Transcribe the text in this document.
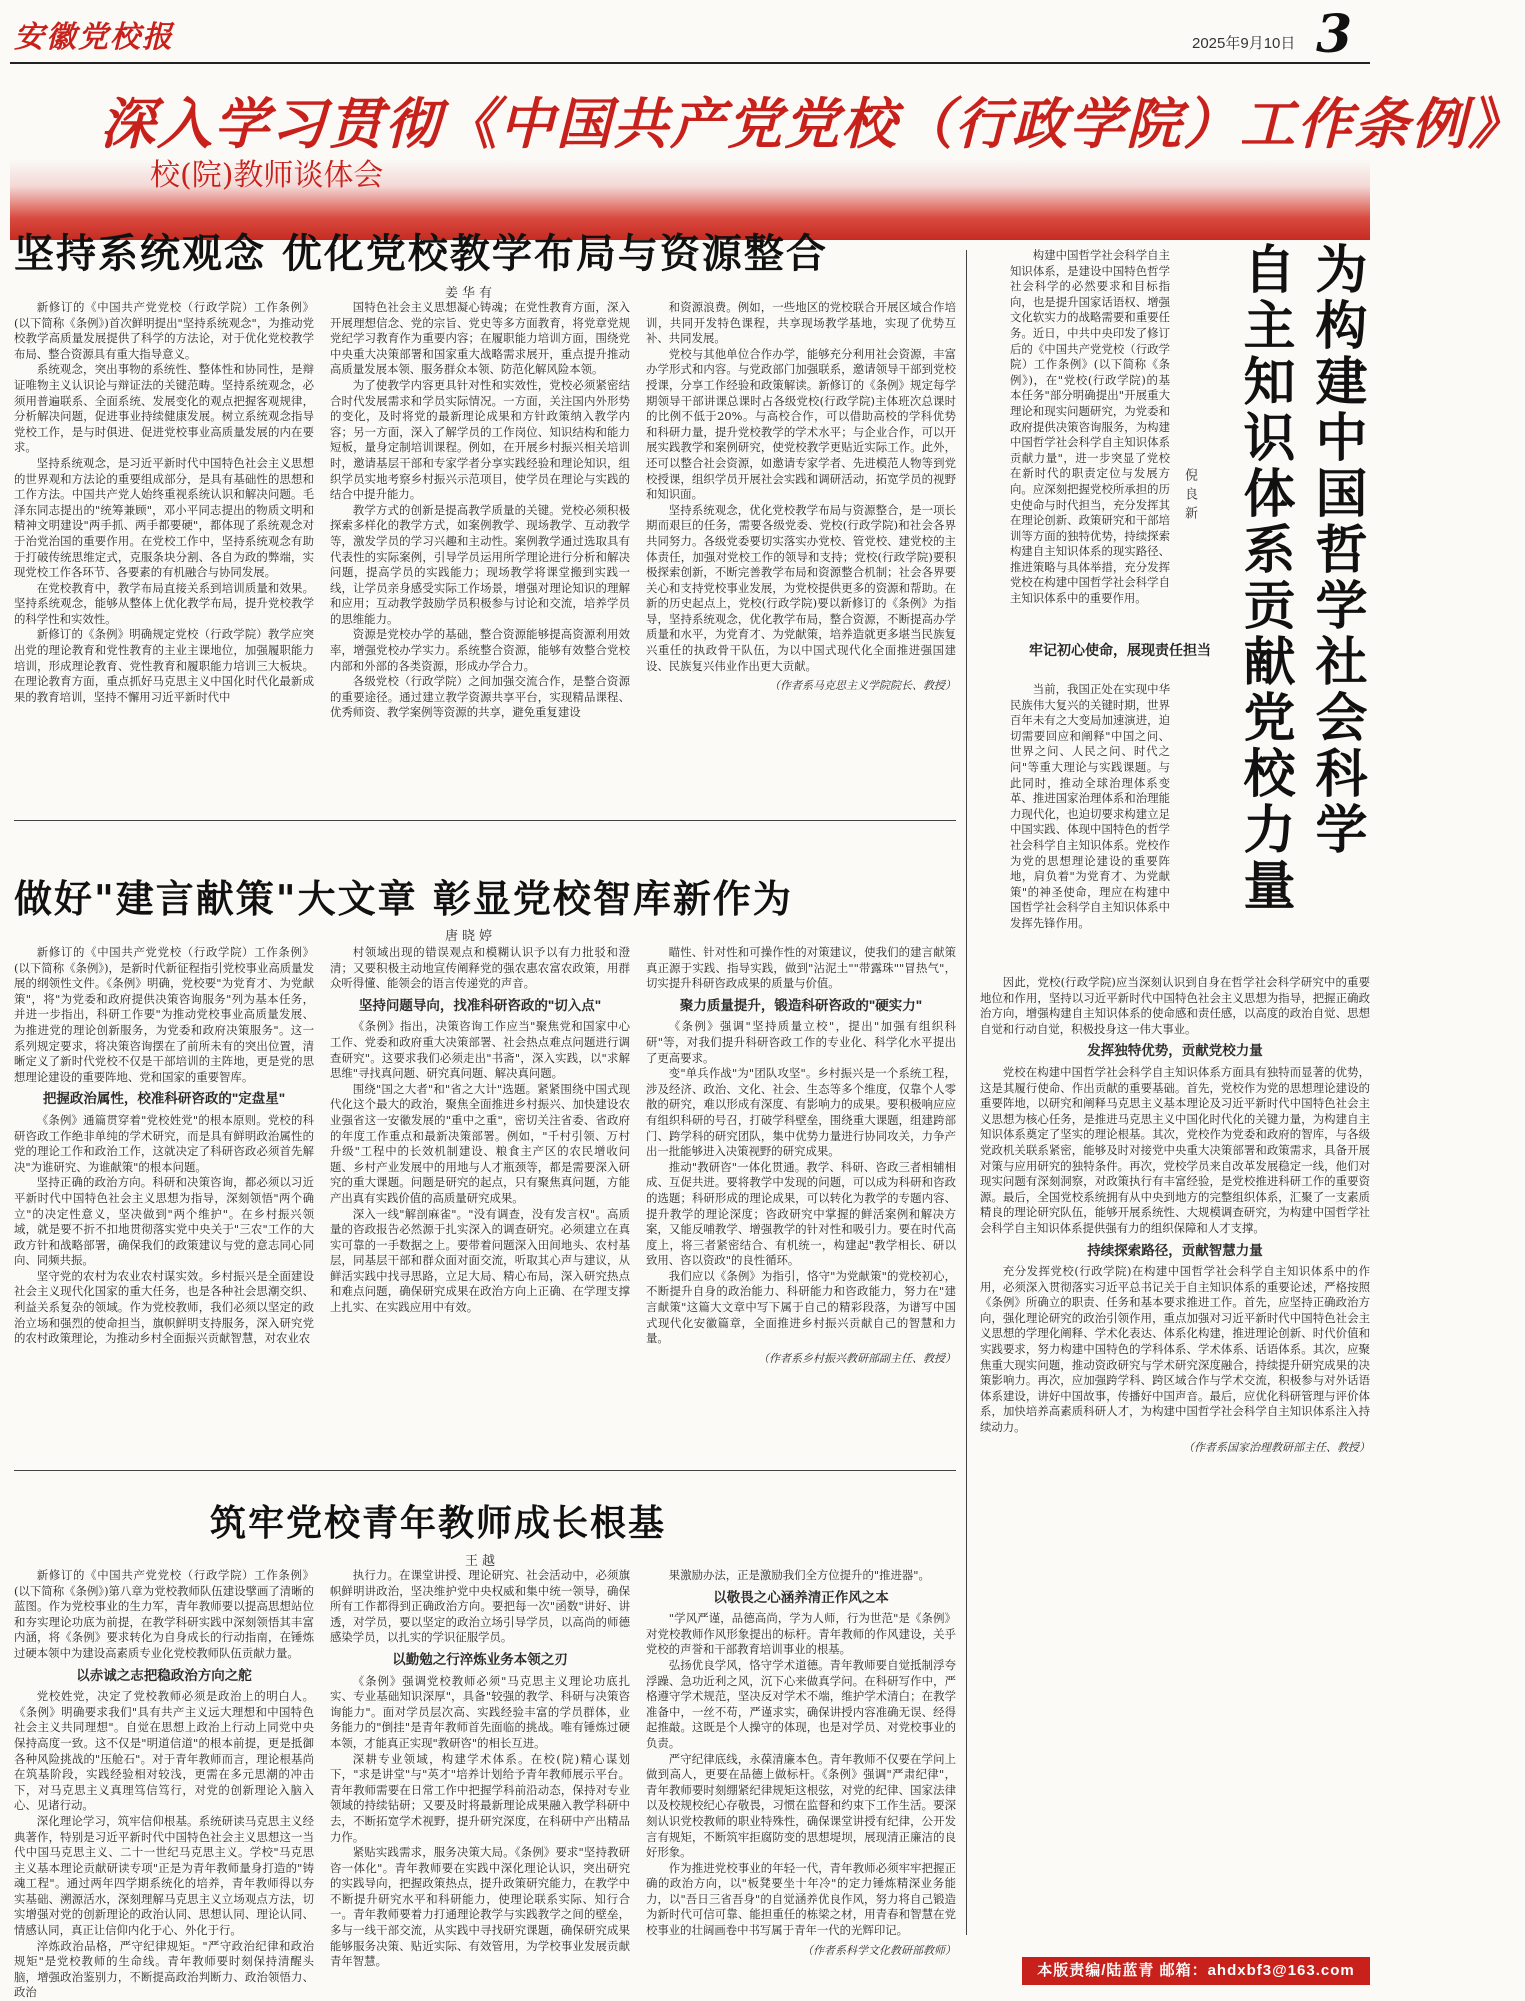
安徽党校报	2025年9月10日 3
深入学习贯彻《中国共产党党校（行政学院）工作条例》
校(院)教师谈体会
坚持系统观念 优化党校教学布局与资源整合
姜华有

新修订的《中国共产党党校（行政学院）工作条例》(以下简称《条例》)首次鲜明提出"坚持系统观念"，为推动党校教学高质量发展提供了科学的方法论，对于优化党校教学布局、整合资源具有重大指导意义。

系统观念，突出事物的系统性、整体性和协同性，是辩证唯物主义认识论与辩证法的关键范畴。坚持系统观念，必须用普遍联系、全面系统、发展变化的观点把握客观规律，分析解决问题，促进事业持续健康发展。树立系统观念指导党校工作，是与时俱进、促进党校事业高质量发展的内在要求。

坚持系统观念，是习近平新时代中国特色社会主义思想的世界观和方法论的重要组成部分，是具有基础性的思想和工作方法。中国共产党人始终重视系统认识和解决问题。毛泽东同志提出的"统筹兼顾"，邓小平同志提出的物质文明和精神文明建设"两手抓、两手都要硬"，都体现了系统观念对于治党治国的重要作用。在党校工作中，坚持系统观念有助于打破传统思维定式，克服条块分割、各自为政的弊端，实现党校工作各环节、各要素的有机融合与协同发展。

在党校教育中，教学布局直接关系到培训质量和效果。坚持系统观念，能够从整体上优化教学布局，提升党校教学的科学性和实效性。

新修订的《条例》明确规定党校（行政学院）教学应突出党的理论教育和党性教育的主业主课地位，加强履职能力培训，形成理论教育、党性教育和履职能力培训三大板块。在理论教育方面，重点抓好马克思主义中国化时代化最新成果的教育培训，坚持不懈用习近平新时代中

国特色社会主义思想凝心铸魂；在党性教育方面，深入开展理想信念、党的宗旨、党史等多方面教育，将党章党规党纪学习教育作为重要内容；在履职能力培训方面，围绕党中央重大决策部署和国家重大战略需求展开，重点提升推动高质量发展本领、服务群众本领、防范化解风险本领。

为了使教学内容更具针对性和实效性，党校必须紧密结合时代发展需求和学员实际情况。一方面，关注国内外形势的变化，及时将党的最新理论成果和方针政策纳入教学内容；另一方面，深入了解学员的工作岗位、知识结构和能力短板，量身定制培训课程。例如，在开展乡村振兴相关培训时，邀请基层干部和专家学者分享实践经验和理论知识，组织学员实地考察乡村振兴示范项目，使学员在理论与实践的结合中提升能力。

教学方式的创新是提高教学质量的关键。党校必须积极探索多样化的教学方式，如案例教学、现场教学、互动教学等，激发学员的学习兴趣和主动性。案例教学通过选取具有代表性的实际案例，引导学员运用所学理论进行分析和解决问题，提高学员的实践能力；现场教学将课堂搬到实践一线，让学员亲身感受实际工作场景，增强对理论知识的理解和应用；互动教学鼓励学员积极参与讨论和交流，培养学员的思维能力。

资源是党校办学的基础，整合资源能够提高资源利用效率，增强党校办学实力。系统整合资源，能够有效整合党校内部和外部的各类资源，形成办学合力。

各级党校（行政学院）之间加强交流合作，是整合资源的重要途径。通过建立教学资源共享平台，实现精品课程、优秀师资、教学案例等资源的共享，避免重复建设

和资源浪费。例如，一些地区的党校联合开展区域合作培训，共同开发特色课程，共享现场教学基地，实现了优势互补、共同发展。

党校与其他单位合作办学，能够充分利用社会资源，丰富办学形式和内容。与党政部门加强联系，邀请领导干部到党校授课，分享工作经验和政策解读。新修订的《条例》规定每学期领导干部讲课总课时占各级党校(行政学院)主体班次总课时的比例不低于20%。与高校合作，可以借助高校的学科优势和科研力量，提升党校教学的学术水平；与企业合作，可以开展实践教学和案例研究，使党校教学更贴近实际工作。此外，还可以整合社会资源，如邀请专家学者、先进模范人物等到党校授课，组织学员开展社会实践和调研活动，拓宽学员的视野和知识面。

坚持系统观念，优化党校教学布局与资源整合，是一项长期而艰巨的任务，需要各级党委、党校(行政学院)和社会各界共同努力。各级党委要切实落实办党校、管党校、建党校的主体责任，加强对党校工作的领导和支持；党校(行政学院)要积极探索创新，不断完善教学布局和资源整合机制；社会各界要关心和支持党校事业发展，为党校提供更多的资源和帮助。在新的历史起点上，党校(行政学院)要以新修订的《条例》为指导，坚持系统观念，优化教学布局，整合资源，不断提高办学质量和水平，为党育才、为党献策，培养造就更多堪当民族复兴重任的执政骨干队伍，为以中国式现代化全面推进强国建设、民族复兴伟业作出更大贡献。

（作者系马克思主义学院院长、教授）	为构建中国哲学社会科学
自主知识体系贡献党校力量
倪良新

构建中国哲学社会科学自主知识体系，是建设中国特色哲学社会科学的必然要求和目标指向，也是提升国家话语权、增强文化软实力的战略需要和重要任务。近日，中共中央印发了修订后的《中国共产党党校（行政学院）工作条例》(以下简称《条例》)，在"党校(行政学院)的基本任务"部分明确提出"开展重大理论和现实问题研究，为党委和政府提供决策咨询服务，为构建中国哲学社会科学自主知识体系贡献力量"，进一步突显了党校在新时代的职责定位与发展方向。应深刻把握党校所承担的历史使命与时代担当，充分发挥其在理论创新、政策研究和干部培训等方面的独特优势，持续探索构建自主知识体系的现实路径、推进策略与具体举措，充分发挥党校在构建中国哲学社会科学自主知识体系中的重要作用。

牢记初心使命，展现责任担当

当前，我国正处在实现中华民族伟大复兴的关键时期，世界百年未有之大变局加速演进，迫切需要回应和阐释"中国之问、世界之问、人民之问、时代之问"等重大理论与实践课题。与此同时，推动全球治理体系变革、推进国家治理体系和治理能力现代化，也迫切要求构建立足中国实践、体现中国特色的哲学社会科学自主知识体系。党校作为党的思想理论建设的重要阵地，肩负着"为党育才、为党献策"的神圣使命，理应在构建中国哲学社会科学自主知识体系中发挥先锋作用。

因此，党校(行政学院)应当深刻认识到自身在哲学社会科学研究中的重要地位和作用，坚持以习近平新时代中国特色社会主义思想为指导，把握正确政治方向，增强构建自主知识体系的使命感和责任感，以高度的政治自觉、思想自觉和行动自觉，积极投身这一伟大事业。

发挥独特优势，贡献党校力量

党校在构建中国哲学社会科学自主知识体系方面具有独特而显著的优势，这是其履行使命、作出贡献的重要基础。首先，党校作为党的思想理论建设的重要阵地，以研究和阐释马克思主义基本理论及习近平新时代中国特色社会主义思想为核心任务，是推进马克思主义中国化时代化的关键力量，为构建自主知识体系奠定了坚实的理论根基。其次，党校作为党委和政府的智库，与各级党政机关联系紧密，能够及时对接党中央重大决策部署和政策需求，具备开展对策与应用研究的独特条件。再次，党校学员来自改革发展稳定一线，他们对现实问题有深刻洞察，对政策执行有丰富经验，是党校推进科研工作的重要资源。最后，全国党校系统拥有从中央到地方的完整组织体系，汇聚了一支素质精良的理论研究队伍，能够开展系统性、大规模调查研究，为构建中国哲学社会科学自主知识体系提供强有力的组织保障和人才支撑。

持续探索路径，贡献智慧力量

充分发挥党校(行政学院)在构建中国哲学社会科学自主知识体系中的作用，必须深入贯彻落实习近平总书记关于自主知识体系的重要论述，严格按照《条例》所确立的职责、任务和基本要求推进工作。首先，应坚持正确政治方向，强化理论研究的政治引领作用，重点加强对习近平新时代中国特色社会主义思想的学理化阐释、学术化表达、体系化构建，推进理论创新、时代价值和实践要求，努力构建中国特色的学科体系、学术体系、话语体系。其次，应聚焦重大现实问题，推动资政研究与学术研究深度融合，持续提升研究成果的决策影响力。再次，应加强跨学科、跨区域合作与学术交流，积极参与对外话语体系建设，讲好中国故事，传播好中国声音。最后，应优化科研管理与评价体系，加快培养高素质科研人才，为构建中国哲学社会科学自主知识体系注入持续动力。

（作者系国家治理教研部主任、教授）

做好"建言献策"大文章 彰显党校智库新作为
唐晓婷

新修订的《中国共产党党校（行政学院）工作条例》(以下简称《条例》)，是新时代新征程指引党校事业高质量发展的纲领性文件。《条例》明确，党校要"为党育才、为党献策"，将"为党委和政府提供决策咨询服务"列为基本任务，并进一步指出，科研工作要"为推动党校事业高质量发展、为推进党的理论创新服务，为党委和政府决策服务"。这一系列规定要求，将决策咨询摆在了前所未有的突出位置，清晰定义了新时代党校不仅是干部培训的主阵地，更是党的思想理论建设的重要阵地、党和国家的重要智库。

把握政治属性，校准科研咨政的"定盘星"

《条例》通篇贯穿着"党校姓党"的根本原则。党校的科研咨政工作绝非单纯的学术研究，而是具有鲜明政治属性的党的理论工作和政治工作，这就决定了科研咨政必须首先解决"为谁研究、为谁献策"的根本问题。

坚持正确的政治方向。科研和决策咨询，都必须以习近平新时代中国特色社会主义思想为指导，深刻领悟"两个确立"的决定性意义，坚决做到"两个维护"。在乡村振兴领域，就是要不折不扣地贯彻落实党中央关于"三农"工作的大政方针和战略部署，确保我们的政策建议与党的意志同心同向、同频共振。

坚守党的农村为农业农村谋实效。乡村振兴是全面建设社会主义现代化国家的重大任务，也是各种社会思潮交织、利益关系复杂的领域。作为党校教师，我们必须以坚定的政治立场和强烈的使命担当，旗帜鲜明支持服务，深入研究党的农村政策理论，为推动乡村全面振兴贡献智慧，对农业农

村领域出现的错误观点和模糊认识予以有力批驳和澄清；又要积极主动地宣传阐释党的强农惠农富农政策，用群众听得懂、能领会的语言传递党的声音。

坚持问题导向，找准科研咨政的"切入点"

《条例》指出，决策咨询工作应当"聚焦党和国家中心工作、党委和政府重大决策部署、社会热点难点问题进行调查研究"。这要求我们必须走出"书斋"，深入实践，以"求解思维"寻找真问题、研究真问题、解决真问题。

围绕"国之大者"和"省之大计"选题。紧紧围绕中国式现代化这个最大的政治，聚焦全面推进乡村振兴、加快建设农业强省这一安徽发展的"重中之重"，密切关注省委、省政府的年度工作重点和最新决策部署。例如，"千村引领、万村升级"工程中的长效机制建设、粮食主产区的农民增收问题、乡村产业发展中的用地与人才瓶颈等，都是需要深入研究的重大课题。问题是研究的起点，只有聚焦真问题，方能产出真有实践价值的高质量研究成果。

深入一线"解剖麻雀"。"没有调查，没有发言权"。高质量的咨政报告必然源于扎实深入的调查研究。必须建立在真实可靠的一手数据之上。要带着问题深入田间地头、农村基层，同基层干部和群众面对面交流，听取其心声与建议，从鲜活实践中找寻思路，立足大局、精心布局，深入研究热点和难点问题，确保研究成果在政治方向上正确、在学理支撑上扎实、在实践应用中有效。

瞄性、针对性和可操作性的对策建议，使我们的建言献策真正源于实践、指导实践，做到"沾泥土""带露珠""冒热气"，切实提升科研咨政成果的质量与价值。

聚力质量提升，锻造科研咨政的"硬实力"

《条例》强调"坚持质量立校"，提出"加强有组织科研"等，对我们提升科研咨政工作的专业化、科学化水平提出了更高要求。

变"单兵作战"为"团队攻坚"。乡村振兴是一个系统工程，涉及经济、政治、文化、社会、生态等多个维度，仅靠个人零散的研究，难以形成有深度、有影响力的成果。要积极响应应有组织科研的号召，打破学科壁垒，围绕重大课题，组建跨部门、跨学科的研究团队，集中优势力量进行协同攻关，力争产出一批能够进入决策视野的研究成果。

推动"教研咨"一体化贯通。教学、科研、咨政三者相辅相成、互促共进。要将教学中发现的问题，可以成为科研和咨政的选题；科研形成的理论成果，可以转化为教学的专题内容、提升教学的理论深度；咨政研究中掌握的鲜活案例和解决方案，又能反哺教学、增强教学的针对性和吸引力。要在时代高度上，将三者紧密结合、有机统一，构建起"教学相长、研以致用、咨以资政"的良性循环。

我们应以《条例》为指引，恪守"为党献策"的党校初心，不断提升自身的政治能力、科研能力和咨政能力，努力在"建言献策"这篇大文章中写下属于自己的精彩段落，为谱写中国式现代化安徽篇章，全面推进乡村振兴贡献自己的智慧和力量。

（作者系乡村振兴教研部副主任、教授）

筑牢党校青年教师成长根基
王越

新修订的《中国共产党党校（行政学院）工作条例》(以下简称《条例》)第八章为党校教师队伍建设擘画了清晰的蓝图。作为党校事业的生力军，青年教师要以提高思想站位和夯实理论功底为前提，在教学科研实践中深刻领悟其丰富内涵，将《条例》要求转化为自身成长的行动指南，在锤炼过硬本领中为建设高素质专业化党校教师队伍贡献力量。

以赤诚之志把稳政治方向之舵

党校姓党，决定了党校教师必须是政治上的明白人。《条例》明确要求我们"具有共产主义远大理想和中国特色社会主义共同理想"。自觉在思想上政治上行动上同党中央保持高度一致。这不仅是"明道信道"的根本前提，更是抵御各种风险挑战的"压舱石"。对于青年教师而言，理论根基尚在筑基阶段，实践经验相对较浅，更需在多元思潮的冲击下，对马克思主义真理笃信笃行，对党的创新理论入脑入心、见诸行动。

深化理论学习，筑牢信仰根基。系统研读马克思主义经典著作，特别是习近平新时代中国特色社会主义思想这一当代中国马克思主义、二十一世纪马克思主义。学校"马克思主义基本理论贡献研读专项"正是为青年教师量身打造的"铸魂工程"。通过两年四学期系统化的培养，青年教师得以夯实基础、溯源活水，深刻理解马克思主义立场观点方法，切实增强对党的创新理论的政治认同、思想认同、理论认同、情感认同，真正让信仰内化于心、外化于行。

淬炼政治品格，严守纪律规矩。"严守政治纪律和政治规矩"是党校教师的生命线。青年教师要时刻保持清醒头脑，增强政治鉴别力，不断提高政治判断力、政治领悟力、政治

执行力。在课堂讲授、理论研究、社会活动中，必须旗帜鲜明讲政治，坚决维护党中央权威和集中统一领导，确保所有工作都得到正确政治方向。要把每一次"函数"讲好、讲透，对学员，要以坚定的政治立场引导学员，以高尚的师德感染学员，以扎实的学识征服学员。

以勤勉之行淬炼业务本领之刃

《条例》强调党校教师必须"马克思主义理论功底扎实、专业基础知识深厚"，具备"较强的教学、科研与决策咨询能力"。面对学员层次高、实践经验丰富的学员群体，业务能力的"倒挂"是青年教师首先面临的挑战。唯有锤炼过硬本领，才能真正实现"教研咨"的相长互进。

深耕专业领域，构建学术体系。在校(院)精心谋划下，"求是讲堂"与"英才"培养计划给予青年教师展示平台。青年教师需要在日常工作中把握学科前沿动态，保持对专业领域的持续钻研；又要及时将最新理论成果融入教学科研中去，不断拓宽学术视野，提升研究深度，在科研中产出精品力作。

紧贴实践需求，服务决策大局。《条例》要求"坚持教研咨一体化"。青年教师要在实践中深化理论认识，突出研究的实践导向，把握政策热点，提升政策研究能力，在教学中不断提升研究水平和科研能力，使理论联系实际、知行合一。青年教师要着力打通理论教学与实践教学之间的壁垒，多与一线干部交流，从实践中寻找研究课题，确保研究成果能够服务决策、贴近实际、有效管用，为学校事业发展贡献青年智慧。

果激励办法，正是激励我们全方位提升的"推进器"。

以敬畏之心涵养清正作风之本

"学风严谨，品德高尚，学为人师，行为世范"是《条例》对党校教师作风形象提出的标杆。青年教师的作风建设，关乎党校的声誉和干部教育培训事业的根基。

弘扬优良学风，恪守学术道德。青年教师要自觉抵制浮夸浮躁、急功近利之风，沉下心来做真学问。在科研写作中，严格遵守学术规范，坚决反对学术不端，维护学术清白；在教学准备中，一丝不苟，严谨求实，确保讲授内容准确无误、经得起推敲。这既是个人操守的体现，也是对学员、对党校事业的负责。

严守纪律底线，永葆清廉本色。青年教师不仅要在学问上做到高人，更要在品德上做标杆。《条例》强调"严肃纪律"，青年教师要时刻绷紧纪律规矩这根弦，对党的纪律、国家法律以及校规校纪心存敬畏，习惯在监督和约束下工作生活。要深刻认识党校教师的职业特殊性，确保课堂讲授有纪律，公开发言有规矩，不断筑牢拒腐防变的思想堤坝，展现清正廉洁的良好形象。

作为推进党校事业的年轻一代，青年教师必须牢牢把握正确的政治方向，以"板凳要坐十年冷"的定力锤炼精深业务能力，以"吾日三省吾身"的自觉涵养优良作风，努力将自己锻造为新时代可信可靠、能担重任的栋梁之材，用青春和智慧在党校事业的壮阔画卷中书写属于青年一代的光辉印记。

（作者系科学文化教研部教师）

本版责编/陆蓝青 邮箱：ahdxbf3@163.com
